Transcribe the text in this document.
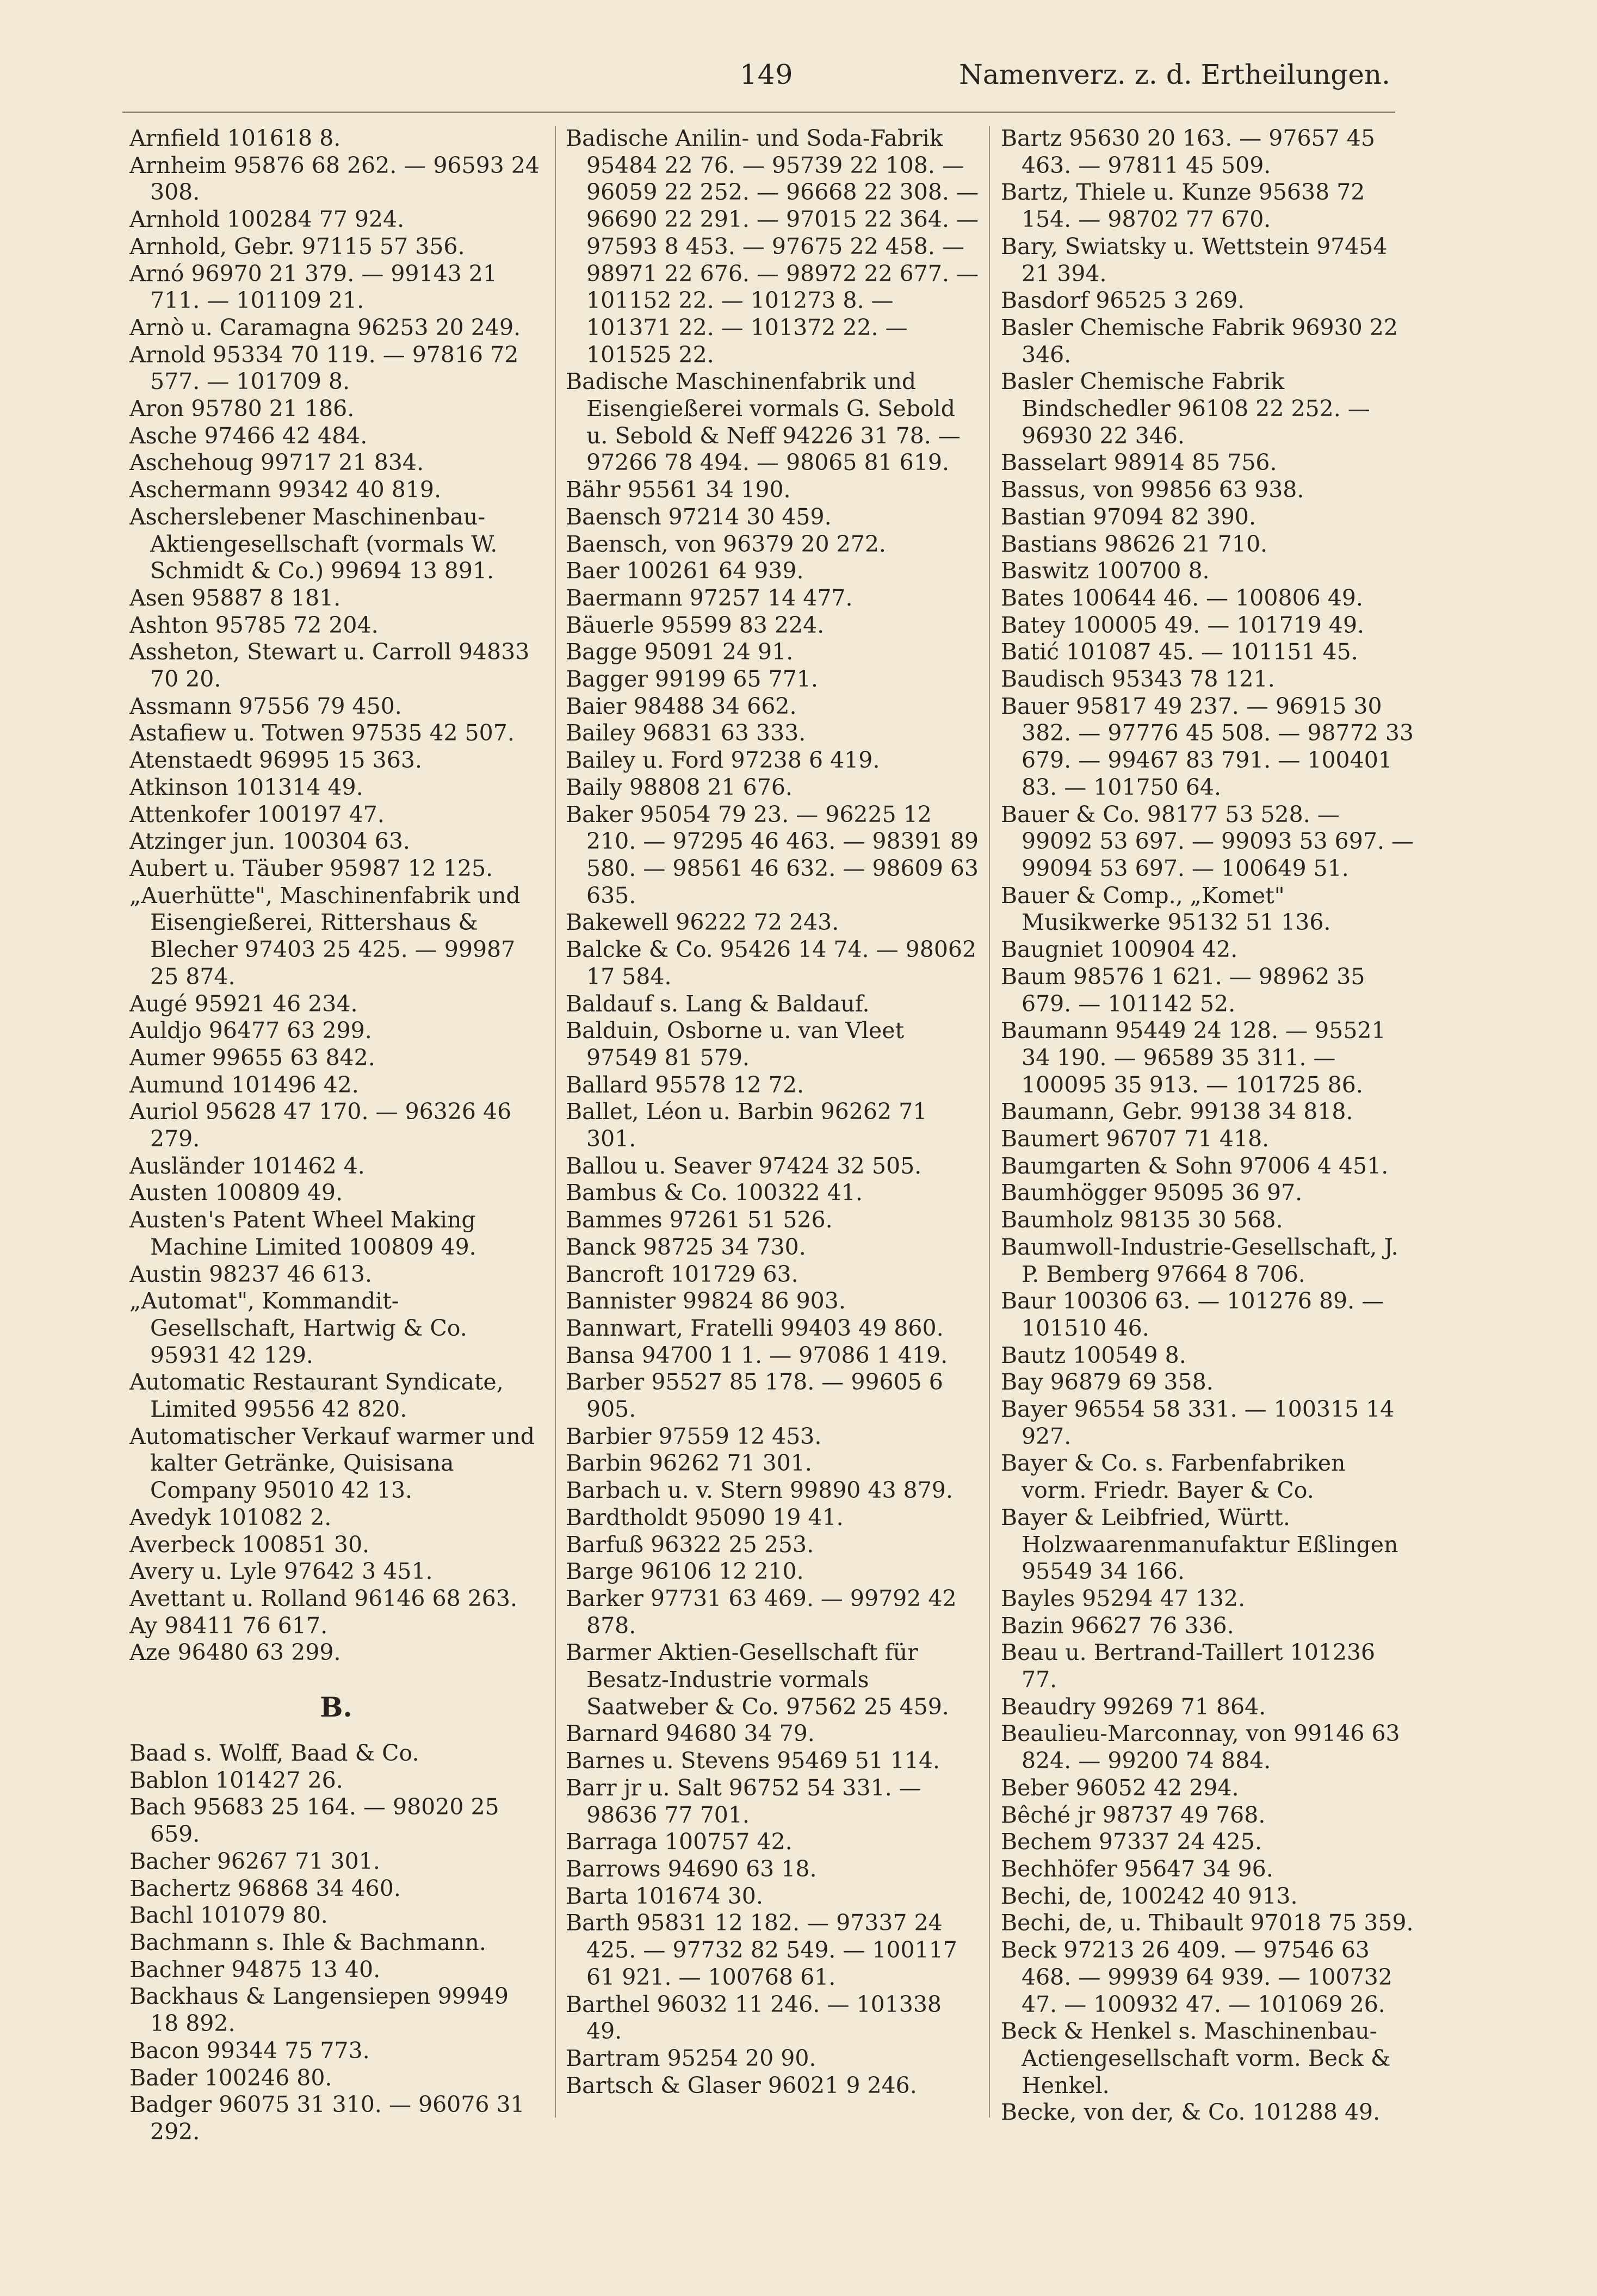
149	Namenverz. z. d. Ertheilungen.
Arnfield 101618 8.
Arnheim 95876 68 262. — 96593 24 308.
Arnhold 100284 77 924.
Arnhold, Gebr. 97115 57 356.
Arnó 96970 21 379. — 99143 21 711. — 101109 21.
Arnò u. Caramagna 96253 20 249.
Arnold 95334 70 119. — 97816 72 577. — 101709 8.
Aron 95780 21 186.
Asche 97466 42 484.
Aschehoug 99717 21 834.
Aschermann 99342 40 819.
Ascherslebener Maschinenbau-Aktiengesellschaft (vormals W. Schmidt & Co.) 99694 13 891.
Asen 95887 8 181.
Ashton 95785 72 204.
Assheton, Stewart u. Carroll 94833 70 20.
Assmann 97556 79 450.
Astafiew u. Totwen 97535 42 507.
Atenstaedt 96995 15 363.
Atkinson 101314 49.
Attenkofer 100197 47.
Atzinger jun. 100304 63.
Aubert u. Täuber 95987 12 125.
„Auerhütte", Maschinenfabrik und Eisengießerei, Rittershaus & Blecher 97403 25 425. — 99987 25 874.
Augé 95921 46 234.
Auldjo 96477 63 299.
Aumer 99655 63 842.
Aumund 101496 42.
Auriol 95628 47 170. — 96326 46 279.
Ausländer 101462 4.
Austen 100809 49.
Austen's Patent Wheel Making Machine Limited 100809 49.
Austin 98237 46 613.
„Automat", Kommandit-Gesellschaft, Hartwig & Co. 95931 42 129.
Automatic Restaurant Syndicate, Limited 99556 42 820.
Automatischer Verkauf warmer und kalter Getränke, Quisisana Company 95010 42 13.
Avedyk 101082 2.
Averbeck 100851 30.
Avery u. Lyle 97642 3 451.
Avettant u. Rolland 96146 68 263.
Ay 98411 76 617.
Aze 96480 63 299.
B.
Baad s. Wolff, Baad & Co.
Bablon 101427 26.
Bach 95683 25 164. — 98020 25 659.
Bacher 96267 71 301.
Bachertz 96868 34 460.
Bachl 101079 80.
Bachmann s. Ihle & Bachmann.
Bachner 94875 13 40.
Backhaus & Langensiepen 99949 18 892.
Bacon 99344 75 773.
Bader 100246 80.
Badger 96075 31 310. — 96076 31 292.
Badische Anilin- und Soda-Fabrik 95484 22 76. — 95739 22 108. — 96059 22 252. — 96668 22 308. — 96690 22 291. — 97015 22 364. — 97593 8 453. — 97675 22 458. — 98971 22 676. — 98972 22 677. — 101152 22. — 101273 8. — 101371 22. — 101372 22. — 101525 22.
Badische Maschinenfabrik und Eisengießerei vormals G. Sebold u. Sebold & Neff 94226 31 78. — 97266 78 494. — 98065 81 619.
Bähr 95561 34 190.
Baensch 97214 30 459.
Baensch, von 96379 20 272.
Baer 100261 64 939.
Baermann 97257 14 477.
Bäuerle 95599 83 224.
Bagge 95091 24 91.
Bagger 99199 65 771.
Baier 98488 34 662.
Bailey 96831 63 333.
Bailey u. Ford 97238 6 419.
Baily 98808 21 676.
Baker 95054 79 23. — 96225 12 210. — 97295 46 463. — 98391 89 580. — 98561 46 632. — 98609 63 635.
Bakewell 96222 72 243.
Balcke & Co. 95426 14 74. — 98062 17 584.
Baldauf s. Lang & Baldauf.
Balduin, Osborne u. van Vleet 97549 81 579.
Ballard 95578 12 72.
Ballet, Léon u. Barbin 96262 71 301.
Ballou u. Seaver 97424 32 505.
Bambus & Co. 100322 41.
Bammes 97261 51 526.
Banck 98725 34 730.
Bancroft 101729 63.
Bannister 99824 86 903.
Bannwart, Fratelli 99403 49 860.
Bansa 94700 1 1. — 97086 1 419.
Barber 95527 85 178. — 99605 6 905.
Barbier 97559 12 453.
Barbin 96262 71 301.
Barbach u. v. Stern 99890 43 879.
Bardtholdt 95090 19 41.
Barfuß 96322 25 253.
Barge 96106 12 210.
Barker 97731 63 469. — 99792 42 878.
Barmer Aktien-Gesellschaft für Besatz-Industrie vormals Saatweber & Co. 97562 25 459.
Barnard 94680 34 79.
Barnes u. Stevens 95469 51 114.
Barr jr u. Salt 96752 54 331. — 98636 77 701.
Barraga 100757 42.
Barrows 94690 63 18.
Barta 101674 30.
Barth 95831 12 182. — 97337 24 425. — 97732 82 549. — 100117 61 921. — 100768 61.
Barthel 96032 11 246. — 101338 49.
Bartram 95254 20 90.
Bartsch & Glaser 96021 9 246.
Bartz 95630 20 163. — 97657 45 463. — 97811 45 509.
Bartz, Thiele u. Kunze 95638 72 154. — 98702 77 670.
Bary, Swiatsky u. Wettstein 97454 21 394.
Basdorf 96525 3 269.
Basler Chemische Fabrik 96930 22 346.
Basler Chemische Fabrik Bindschedler 96108 22 252. — 96930 22 346.
Basselart 98914 85 756.
Bassus, von 99856 63 938.
Bastian 97094 82 390.
Bastians 98626 21 710.
Baswitz 100700 8.
Bates 100644 46. — 100806 49.
Batey 100005 49. — 101719 49.
Batić 101087 45. — 101151 45.
Baudisch 95343 78 121.
Bauer 95817 49 237. — 96915 30 382. — 97776 45 508. — 98772 33 679. — 99467 83 791. — 100401 83. — 101750 64.
Bauer & Co. 98177 53 528. — 99092 53 697. — 99093 53 697. — 99094 53 697. — 100649 51.
Bauer & Comp., „Komet" Musikwerke 95132 51 136.
Baugniet 100904 42.
Baum 98576 1 621. — 98962 35 679. — 101142 52.
Baumann 95449 24 128. — 95521 34 190. — 96589 35 311. — 100095 35 913. — 101725 86.
Baumann, Gebr. 99138 34 818.
Baumert 96707 71 418.
Baumgarten & Sohn 97006 4 451.
Baumhögger 95095 36 97.
Baumholz 98135 30 568.
Baumwoll-Industrie-Gesellschaft, J. P. Bemberg 97664 8 706.
Baur 100306 63. — 101276 89. — 101510 46.
Bautz 100549 8.
Bay 96879 69 358.
Bayer 96554 58 331. — 100315 14 927.
Bayer & Co. s. Farbenfabriken vorm. Friedr. Bayer & Co.
Bayer & Leibfried, Württ. Holzwaarenmanufaktur Eßlingen 95549 34 166.
Bayles 95294 47 132.
Bazin 96627 76 336.
Beau u. Bertrand-Taillert 101236 77.
Beaudry 99269 71 864.
Beaulieu-Marconnay, von 99146 63 824. — 99200 74 884.
Beber 96052 42 294.
Bêché jr 98737 49 768.
Bechem 97337 24 425.
Bechhöfer 95647 34 96.
Bechi, de, 100242 40 913.
Bechi, de, u. Thibault 97018 75 359.
Beck 97213 26 409. — 97546 63 468. — 99939 64 939. — 100732 47. — 100932 47. — 101069 26.
Beck & Henkel s. Maschinenbau-Actiengesellschaft vorm. Beck & Henkel.
Becke, von der, & Co. 101288 49.
